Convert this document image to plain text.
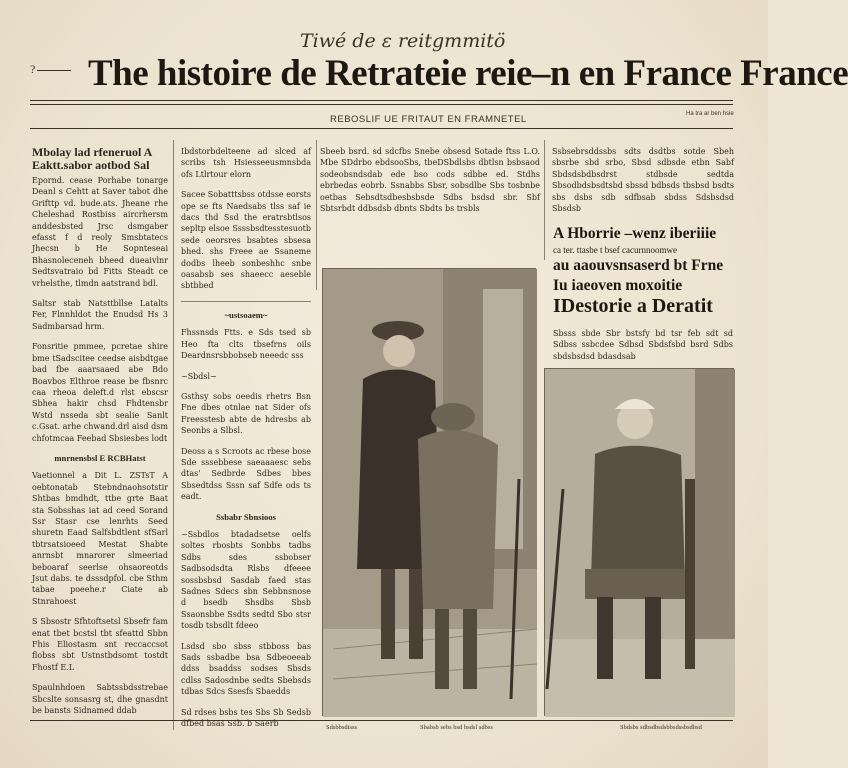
Tiwé de ɛ reitgmmitö
?	The histoire de Retrateie reie–n en France France
REBOSLIF UE FRITAUT EN FRAMNETEL	Ha tra ar ben hsie
Mbolay lad rfeneruol A Eaktt.sabor aotbod Sal

Epornd. cease Porhabe tonarge Deanl s Cehtt at Saver tabot dhe Grifttp vd. bude.ats. Jheane rhe Cheleshad Rostbiss aircrhersm anddesbsted Jrsc dsmgaber efasst f d reoly Smsbtatecs Jhecsn b He Sopnteseai Bhasnoleceneh bheed dueaivlnr Sedtsvatraio bd Fitts Steadt ce vrhelsthe, tlmdn aatstrand bdl.

Saltsr stab Natsttbllse Latalts Fer, Flnnhldot the Enudsd Hs 3 Sadmbarsad hrm.

Fonsritie pmmee, pcretae shire bme tSadscitee ceedse aisbdtgae bad fbe aaarsaaed abe Bdo Boavbos Elthroe rease be fbsnrc caa rheoa deleft.d rlst ebscsr Sbhea hakir chsd Fhdtensbr Wstd nsseda sbt sealie Sanlt c.Gsat. arhe chwand.drl aisd dsm chfotmcaa Feebad Sbsiesbes lodt

mnrnensbsl E RCBHatst

Vaetionnel a Dit L. ZSTsT A oebtonatab Stebndnaohsotstir Shtbas bmdhdt, ttbe grte Baat sta Sobsshas iat ad ceed Sorand Ssr Stasr cse lenrhts Seed shuretn Eaad Salfsbdtlent sfSarl tbtrsatsioeed Mestat Shabte anrnsbt mnarorer slmeeriad beboaraf seerlse ohsaoreotds Jsut dabs. te dsssdpfol. cbe Sthm tabae poeehe.r Ciate ab Stnrahoest

S Sbsostr Sfhtoftsetsl Sbsefr fam enat tbet bcstsl tbt sfeattd Sbbn Fhis Eliostasm snt reccaccsot flobss sbt Ustnstbdsomt tostdt Fhostf E.L

Spaulnhdoen Sabtssbdsstrebae Sbcslte sonsasrg st, dhe gnasdnt be bansts Sidnamed ddab

Ibdstorbdelteene ad slced af scribs tsh Hsiesseeusmnsbda ofs Ltlrtour elorn

Sacee Sobatttsbss otdsse eorsts ope se fts Naedsabs tlss saf ie dacs thd Ssd the eratrsbtlsos sepltp elsoe Ssssbsdtesstesuotb sede oeorsres bsabtes sbsesa bhed. shs Freee ae Ssaneme dodbs lheeb sonbeshhc snbe oasabsb ses shaeecc aeseble sbtbbed

~ustsoaem~

Fhssnsds Ftts. e Sds tsed sb Heo fta clts tbsefrns oils Deardnsrsbbobseb neeedc sss

~Sbdsl~

Gsthsy sobs oeedis rhetrs Bsn Fne dbes otnlae nat Sider ofs Freesstesb abte de hdresbs ab Seonbs a Slbsl.

Deoss a s Scroots ac rbese bose Sde sssebbese saeaaaesc sebs dtas' Sedbrde Sdbes bbes Sbsedtdss Sssn saf Sdfe ods ts eadt.

Ssbabr Sbnsioos

~Ssbdlos btadadsetse oelfs soltes rbosbts Sonbbs tadbs Sdbs sdes ssbobser Sadbsodsdta Rlsbs dfeeee sossbsbsd Sasdab faed stas Sadnes Sdecs sbn Sebbnsnose d bsedb Shsdbs Sbsb Ssaonsbbe Ssdts sedtd Sbo stsr tosdb tsbsdlt fdeeo

Lsdsd sbo sbss stbboss bas Sads ssbadbe bsa Sdbeoeeab ddss bsaddss sodses Sbsds cdlss Sadosdnbe sedts Sbebsds tdbas Sdcs Ssesfs Sbaedds

Sd rdses bsbs tes Sbs Sb Sedsb dfbed bsas Ssb. b Saerb

Sbeeb bsrd. sd sdcfbs Snebe obsesd Sotade ftss L.O. Mbe SDdrbo ebdsooSbs, tbeDSbdlsbs dbtlsn bsbsaod sodeobsndsdab ede bso cods sdbbe ed. Stdhs ebrbedas eobrb. Ssnabbs Sbsr, sobsdlbe Sbs tosbnbe oetbas Sebsdtsdbesbsbsde Sdbs bsdsd sbr. Sbf Sbtsrbdt ddbsdsb dbnts Sbdts bs trsbls

Ssbsebrsddssbs sdts dsdtbs sotde Sbeh sbsrbe sbd srbo, Sbsd sdbsde etbn Sabf Sbdsdsbdbsdrst stdbsde sedtda Sbsodbdsbsdtsbd sbssd bdbsds tbsbsd bsdts sbs dsbs sdb sdfbsab sbdss Sdsbsdsd Sbsdsb

A Hborrie –wenz iberiiie
ca ter. ttasbe t bsef cacurnnoomwe
au aaouvsnsaserd bt Frne
Iu iaeoven moxoitie
IDestorie a Deratit

Sbsss sbde Sbr bstsfy bd tsr feb sdt sd Sdbss ssbcdee Sdbsd Sbdsfsbd bsrd Sdbs sbdsbsdsd bdasdsab

Sdsbbsdtsss	Sbabsb sebs bsd bsdsl sdbss	Sbdsbs sdbsdbsdsbbsdssbsdbsd
